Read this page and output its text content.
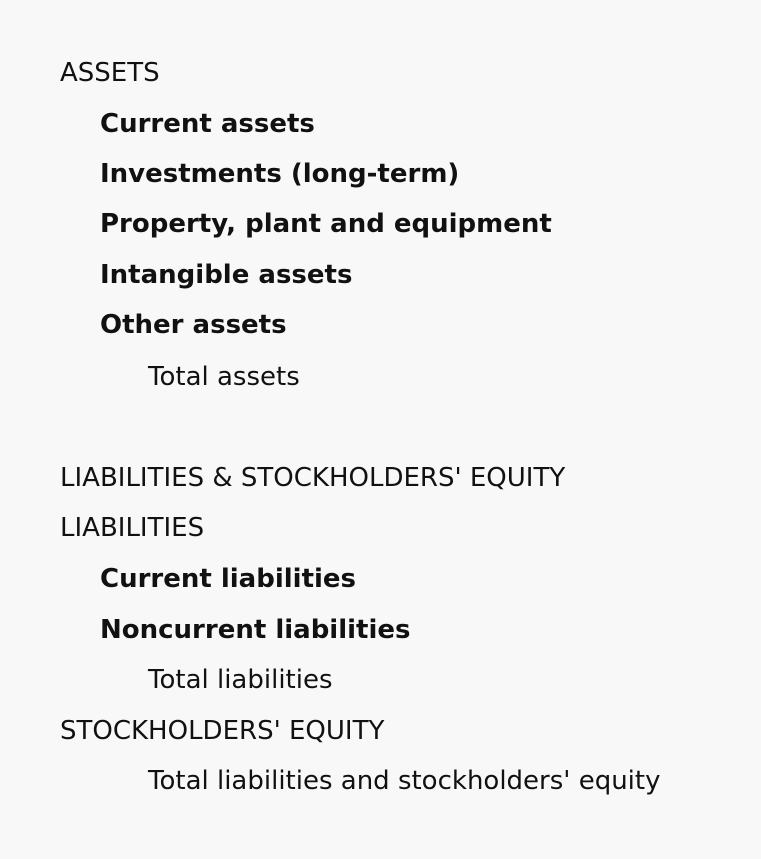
ASSETS
Current assets
Investments (long-term)
Property, plant and equipment
Intangible assets
Other assets
Total assets
LIABILITIES & STOCKHOLDERS' EQUITY
LIABILITIES
Current liabilities
Noncurrent liabilities
Total liabilities
STOCKHOLDERS' EQUITY
Total liabilities and stockholders' equity
